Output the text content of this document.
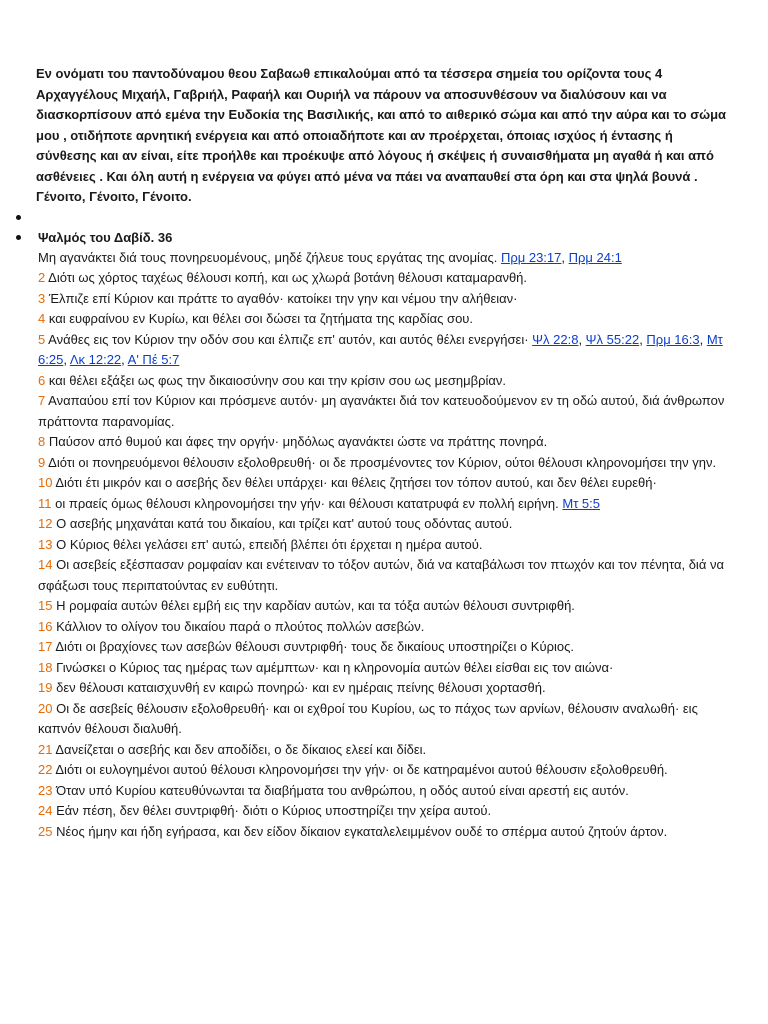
Εν ονόματι του παντοδύναμου θεου Σαβαωθ επικαλούμαι από τα τέσσερα σημεία του ορίζοντα τους 4 Αρχαγγέλους Μιχαήλ, Γαβριήλ, Ραφαήλ και Ουριήλ να πάρουν να αποσυνθέσουν να διαλύσουν και να διασκορπίσουν από εμένα την Ευδοκία της Βασιλικής, και από το αιθερικό σώμα και από την αύρα και το σώμα μου , οτιδήποτε αρνητική ενέργεια και από οποιαδήποτε και αν προέρχεται, όποιας ισχύος ή έντασης ή σύνθεσης και αν είναι, είτε προήλθε και προέκυψε από λόγους ή σκέψεις ή συναισθήματα μη αγαθά ή και από ασθένειες . Και όλη αυτή η ενέργεια να φύγει από μένα να πάει να αναπαυθεί στα όρη και στα ψηλά βουνά .

Γένοιτο, Γένοιτο, Γένοιτο.

Ψαλμός του Δαβίδ. 36

Μη αγανάκτει διά τους πονηρευομένους, μηδέ ζήλευε τους εργάτας της ανομίας. Πρμ 23:17, Πρμ 24:1

2 Διότι ως χόρτος ταχέως θέλουσι κοπή, και ως χλωρά βοτάνη θέλουσι καταμαρανθή.

3 Έλπιζε επί Κύριον και πράττε το αγαθόν· κατοίκει την γην και νέμου την αλήθειαν·

4 και ευφραίνου εν Κυρίω, και θέλει σοι δώσει τα ζητήματα της καρδίας σου.

5 Ανάθες εις τον Κύριον την οδόν σου και έλπιζε επ' αυτόν, και αυτός θέλει ενεργήσει· Ψλ 22:8, Ψλ 55:22, Πρμ 16:3, Μτ 6:25, Λκ 12:22, Α' Πέ 5:7

6 και θέλει εξάξει ως φως την δικαιοσύνην σου και την κρίσιν σου ως μεσημβρίαν.

7 Αναπαύου επί τον Κύριον και πρόσμενε αυτόν· μη αγανάκτει διά τον κατευοδούμενον εν τη οδώ αυτού, διά άνθρωπον πράττοντα παρανομίας.

8 Παύσον από θυμού και άφες την οργήν· μηδόλως αγανάκτει ώστε να πράττης πονηρά.

9 Διότι οι πονηρευόμενοι θέλουσιν εξολοθρευθή· οι δε προσμένοντες τον Κύριον, ούτοι θέλουσι κληρονομήσει την γην.

10 Διότι έτι μικρόν και ο ασεβής δεν θέλει υπάρχει· και θέλεις ζητήσει τον τόπον αυτού, και δεν θέλει ευρεθή·

11 οι πραείς όμως θέλουσι κληρονομήσει την γήν· και θέλουσι κατατρυφά εν πολλή ειρήνη. Μτ 5:5

12 Ο ασεβής μηχανάται κατά του δικαίου, και τρίζει κατ' αυτού τους οδόντας αυτού.

13 Ο Κύριος θέλει γελάσει επ' αυτώ, επειδή βλέπει ότι έρχεται η ημέρα αυτού.

14 Οι ασεβείς εξέσπασαν ρομφαίαν και ενέτειναν το τόξον αυτών, διά να καταβάλωσι τον πτωχόν και τον πένητα, διά να σφάξωσι τους περιπατούντας εν ευθύτητι.

15 Η ρομφαία αυτών θέλει εμβή εις την καρδίαν αυτών, και τα τόξα αυτών θέλουσι συντριφθή.

16 Κάλλιον το ολίγον του δικαίου παρά ο πλούτος πολλών ασεβών.

17 Διότι οι βραχίονες των ασεβών θέλουσι συντριφθή· τους δε δικαίους υποστηρίζει ο Κύριος.

18 Γινώσκει ο Κύριος τας ημέρας των αμέμπτων· και η κληρονομία αυτών θέλει είσθαι εις τον αιώνα·

19 δεν θέλουσι καταισχυνθή εν καιρώ πονηρώ· και εν ημέραις πείνης θέλουσι χορτασθή.

20 Οι δε ασεβείς θέλουσιν εξολοθρευθή· και οι εχθροί του Κυρίου, ως το πάχος των αρνίων, θέλουσιν αναλωθή· εις καπνόν θέλουσι διαλυθή.

21 Δανείζεται ο ασεβής και δεν αποδίδει, ο δε δίκαιος ελεεί και δίδει.

22 Διότι οι ευλογημένοι αυτού θέλουσι κληρονομήσει την γήν· οι δε κατηραμένοι αυτού θέλουσιν εξολοθρευθή.

23 Όταν υπό Κυρίου κατευθύνωνται τα διαβήματα του ανθρώπου, η οδός αυτού είναι αρεστή εις αυτόν.

24 Εάν πέση, δεν θέλει συντριφθή· διότι ο Κύριος υποστηρίζει την χείρα αυτού.

25 Νέος ήμην και ήδη εγήρασα, και δεν είδον δίκαιον εγκαταλελειμμένον ουδέ το σπέρμα αυτού ζητούν άρτον.
